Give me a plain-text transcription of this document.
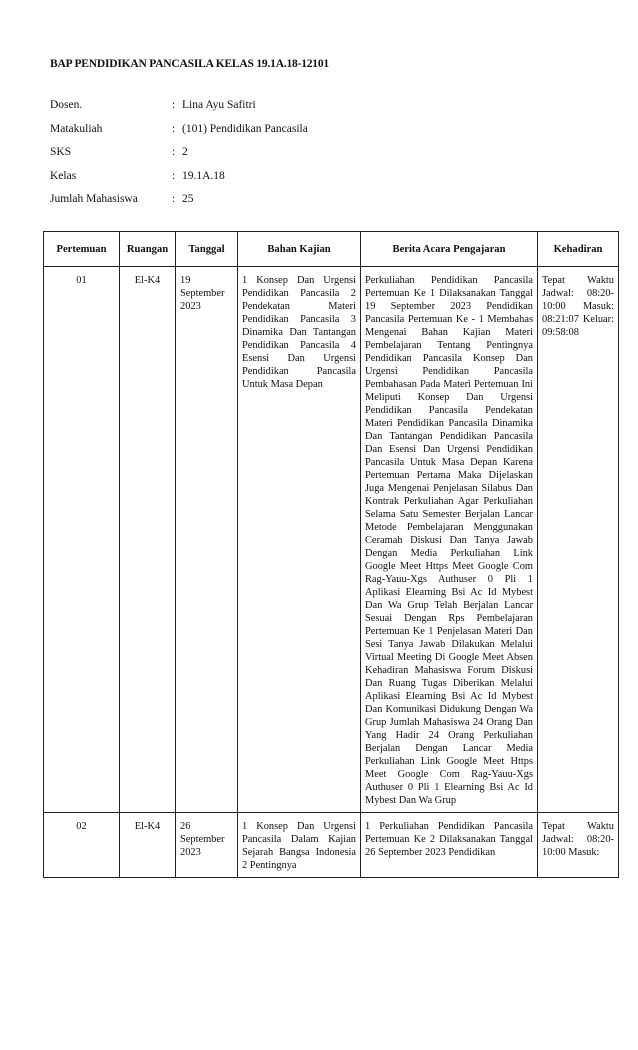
BAP PENDIDIKAN PANCASILA KELAS 19.1A.18-12101
Dosen.	: Lina Ayu Safitri
Matakuliah	: (101) Pendidikan Pancasila
SKS	: 2
Kelas	: 19.1A.18
Jumlah Mahasiswa	: 25
Pertemuan	Ruangan	Tanggal	Bahan Kajian	Berita Acara Pengajaran	Kehadiran
01	El-K4	19 September 2023	1 Konsep Dan Urgensi Pendidikan Pancasila 2 Pendekatan Materi Pendidikan Pancasila 3 Dinamika Dan Tantangan Pendidikan Pancasila 4 Esensi Dan Urgensi Pendidikan Pancasila Untuk Masa Depan	Perkuliahan Pendidikan Pancasila Pertemuan Ke 1 Dilaksanakan Tanggal 19 September 2023 Pendidikan Pancasila Pertemuan Ke - 1 Membahas Mengenai Bahan Kajian Materi Pembelajaran Tentang Pentingnya Pendidikan Pancasila Konsep Dan Urgensi Pendidikan Pancasila Pembahasan Pada Materi Pertemuan Ini Meliputi Konsep Dan Urgensi Pendidikan Pancasila Pendekatan Materi Pendidikan Pancasila Dinamika Dan Tantangan Pendidikan Pancasila Dan Esensi Dan Urgensi Pendidikan Pancasila Untuk Masa Depan Karena Pertemuan Pertama Maka Dijelaskan Juga Mengenai Penjelasan Silabus Dan Kontrak Perkuliahan Agar Perkuliahan Selama Satu Semester Berjalan Lancar Metode Pembelajaran Menggunakan Ceramah Diskusi Dan Tanya Jawab Dengan Media Perkuliahan Link Google Meet Https Meet Google Com Rag-Yauu-Xgs Authuser 0 Pli 1 Aplikasi Elearning Bsi Ac Id Mybest Dan Wa Grup Telah Berjalan Lancar Sesuai Dengan Rps Pembelajaran Pertemuan Ke 1 Penjelasan Materi Dan Sesi Tanya Jawab Dilakukan Melalui Virtual Meeting Di Google Meet Absen Kehadiran Mahasiswa Forum Diskusi Dan Ruang Tugas Diberikan Melalui Aplikasi Elearning Bsi Ac Id Mybest Dan Komunikasi Didukung Dengan Wa Grup Jumlah Mahasiswa 24 Orang Dan Yang Hadir 24 Orang Perkuliahan Berjalan Dengan Lancar Media Perkuliahan Link Google Meet Https Meet Google Com Rag-Yauu-Xgs Authuser 0 Pli 1 Elearning Bsi Ac Id Mybest Dan Wa Grup	Tepat Waktu Jadwal: 08:20-10:00 Masuk: 08:21:07 Keluar: 09:58:08
02	El-K4	26 September 2023	1 Konsep Dan Urgensi Pancasila Dalam Kajian Sejarah Bangsa Indonesia 2 Pentingnya	1 Perkuliahan Pendidikan Pancasila Pertemuan Ke 2 Dilaksanakan Tanggal 26 September 2023 Pendidikan	Tepat Waktu Jadwal: 08:20-10:00 Masuk:
